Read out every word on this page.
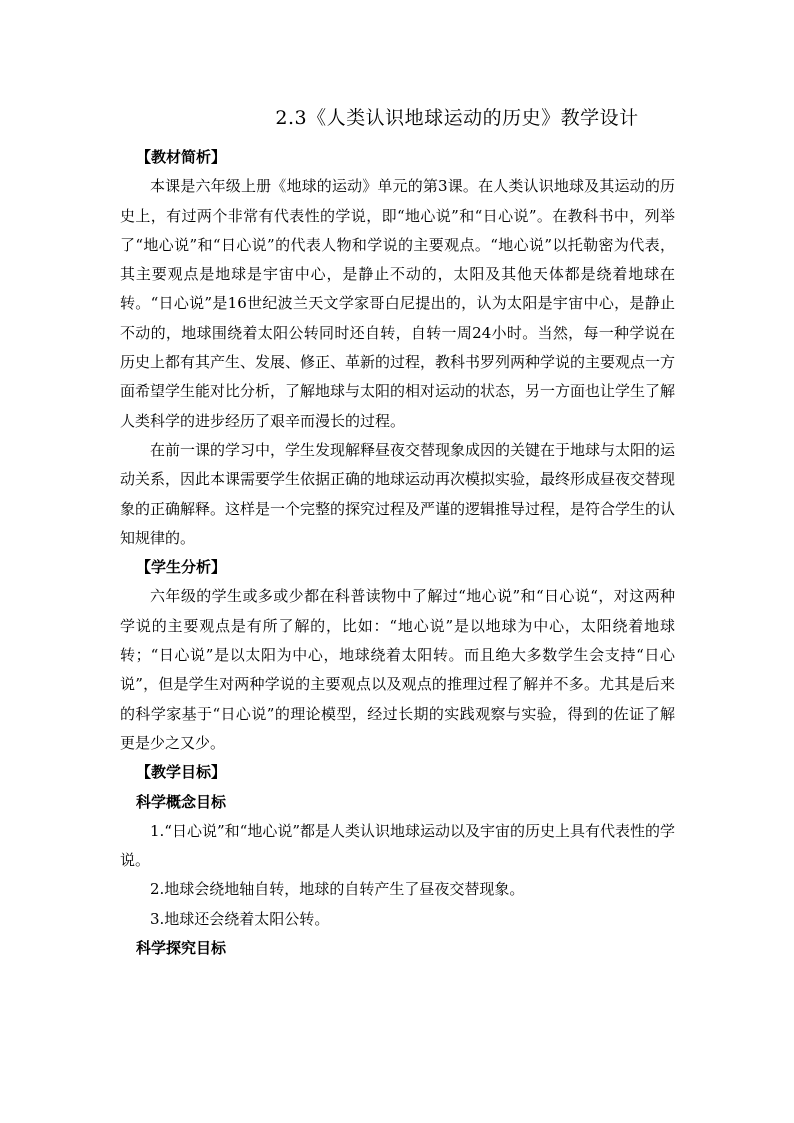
2.3《人类认识地球运动的历史》教学设计

【教材简析】

本课是六年级上册《地球的运动》单元的第3课。在人类认识地球及其运动的历史上，有过两个非常有代表性的学说，即“地心说”和“日心说”。在教科书中，列举了“地心说”和“日心说”的代表人物和学说的主要观点。“地心说”以托勒密为代表，其主要观点是地球是宇宙中心，是静止不动的，太阳及其他天体都是绕着地球在转。“日心说”是16世纪波兰天文学家哥白尼提出的，认为太阳是宇宙中心，是静止不动的，地球围绕着太阳公转同时还自转，自转一周24小时。当然，每一种学说在历史上都有其产生、发展、修正、革新的过程，教科书罗列两种学说的主要观点一方面希望学生能对比分析，了解地球与太阳的相对运动的状态，另一方面也让学生了解人类科学的进步经历了艰辛而漫长的过程。

在前一课的学习中，学生发现解释昼夜交替现象成因的关键在于地球与太阳的运动关系，因此本课需要学生依据正确的地球运动再次模拟实验，最终形成昼夜交替现象的正确解释。这样是一个完整的探究过程及严谨的逻辑推导过程，是符合学生的认知规律的。

【学生分析】

六年级的学生或多或少都在科普读物中了解过“地心说”和“日心说“，对这两种学说的主要观点是有所了解的，比如：“地心说”是以地球为中心，太阳绕着地球转；“日心说”是以太阳为中心，地球绕着太阳转。而且绝大多数学生会支持“日心说”，但是学生对两种学说的主要观点以及观点的推理过程了解并不多。尤其是后来的科学家基于“日心说”的理论模型，经过长期的实践观察与实验，得到的佐证了解更是少之又少。

【教学目标】

科学概念目标

1.“日心说”和“地心说”都是人类认识地球运动以及宇宙的历史上具有代表性的学说。

2.地球会绕地轴自转，地球的自转产生了昼夜交替现象。

3.地球还会绕着太阳公转。

科学探究目标
